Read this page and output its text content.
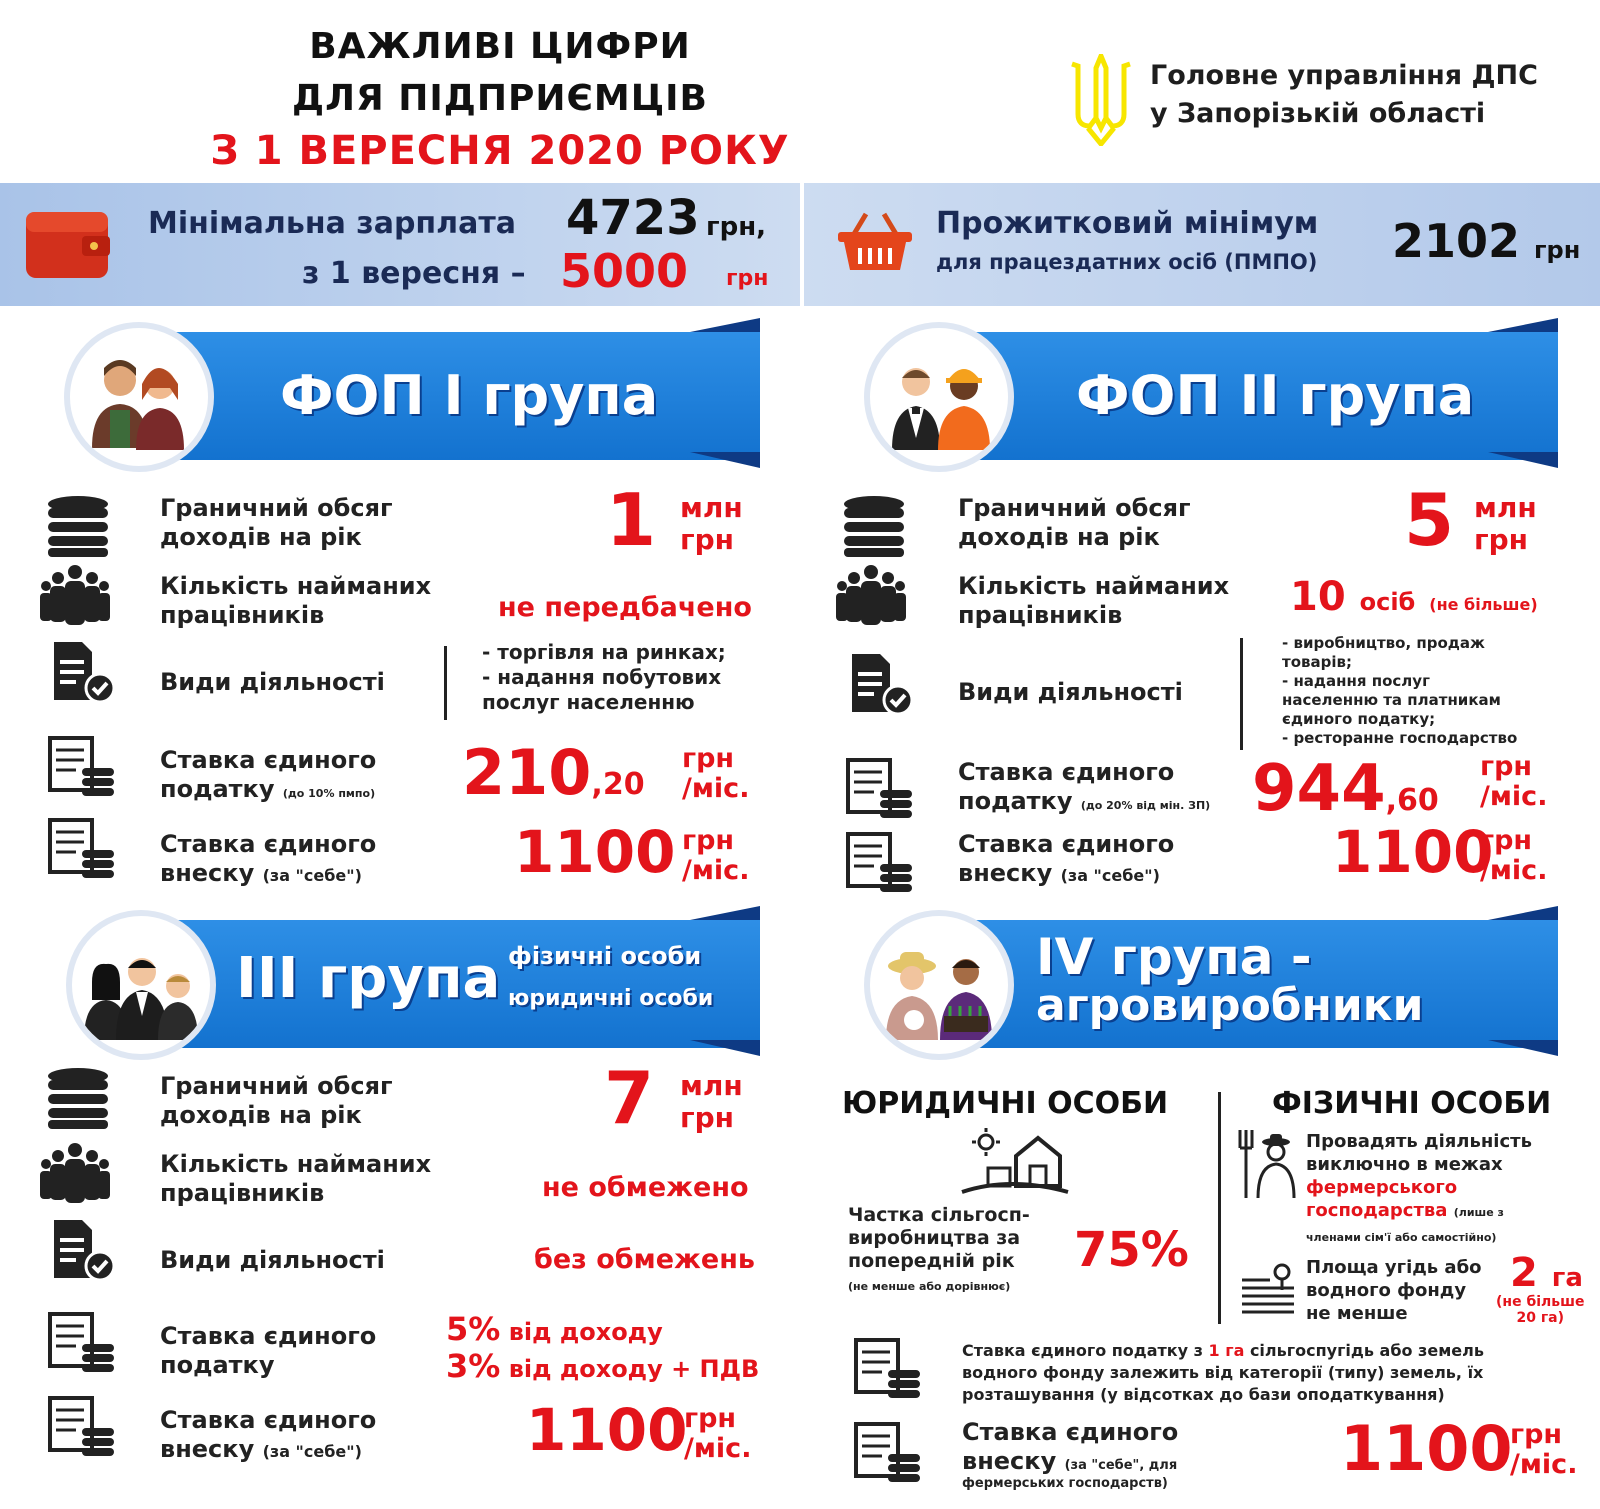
ВАЖЛИВІ ЦИФРИ
ДЛЯ ПІДПРИЄМЦІВ
З 1 ВЕРЕСНЯ 2020 РОКУ
Головне управління ДПС
у Запорізькій області
Мінімальна зарплата 4723 грн,
з 1 вересня – 5000 грн
Прожитковий мінімум
для працездатних осіб (ПМПО) 2102 грн
ФОП І група
Граничний обсяг
доходів на рік	1 млн
грн
Кількість найманих
працівників	не передбачено
Види діяльності
- торгівля на ринках;
- надання побутових
послуг населенню
Ставка єдиного
податку (до 10% пмпо) 210,20
грн
/міс.
Ставка єдиного
внеску (за "себе")	1100 грн
/міс.
ФОП ІІ група
Граничний обсяг
доходів на рік	5 млн
грн
Кількість найманих
працівників	10 осіб (не більше)
Види діяльності
- виробництво, продаж
товарів;
- надання послуг
населенню та платникам
єдиного податку;
- ресторанне господарство
Ставка єдиного
податку (до 20% від мін. ЗП) 944,60
грн
/міс.
Ставка єдиного
внеску (за "себе")	1100
грн
/міс.
ІІІ група фізичні особи
юридичні особи
Граничний обсяг
доходів на рік	7 млн
грн
Кількість найманих
працівників	не обмежено
Види діяльності	без обмежень
Ставка єдиного
податку
5% від доходу
3% від доходу + ПДВ
Ставка єдиного
внеску (за "себе")	1100
грн
/міс.
IV група -
агровиробники
ЮРИДИЧНІ ОСОБИ	ФІЗИЧНІ ОСОБИ
Частка сільгосп-
виробництва за
попередній рік
(не менше або дорівнює)
75%
Провадять діяльність
виключно в межах
фермерського
господарства (лише з
членами сім'ї або самостійно)
Площа угідь або
водного фонду
не менше
2 га
(не більше
20 га)
Ставка єдиного податку з 1 га сільгоспугідь або земель
водного фонду залежить від категорії (типу) земель, їх
розташування (у відсотках до бази оподаткування)
Ставка єдиного
внеску (за "себе", для
фермерських господарств)	1100
грн
/міс.
